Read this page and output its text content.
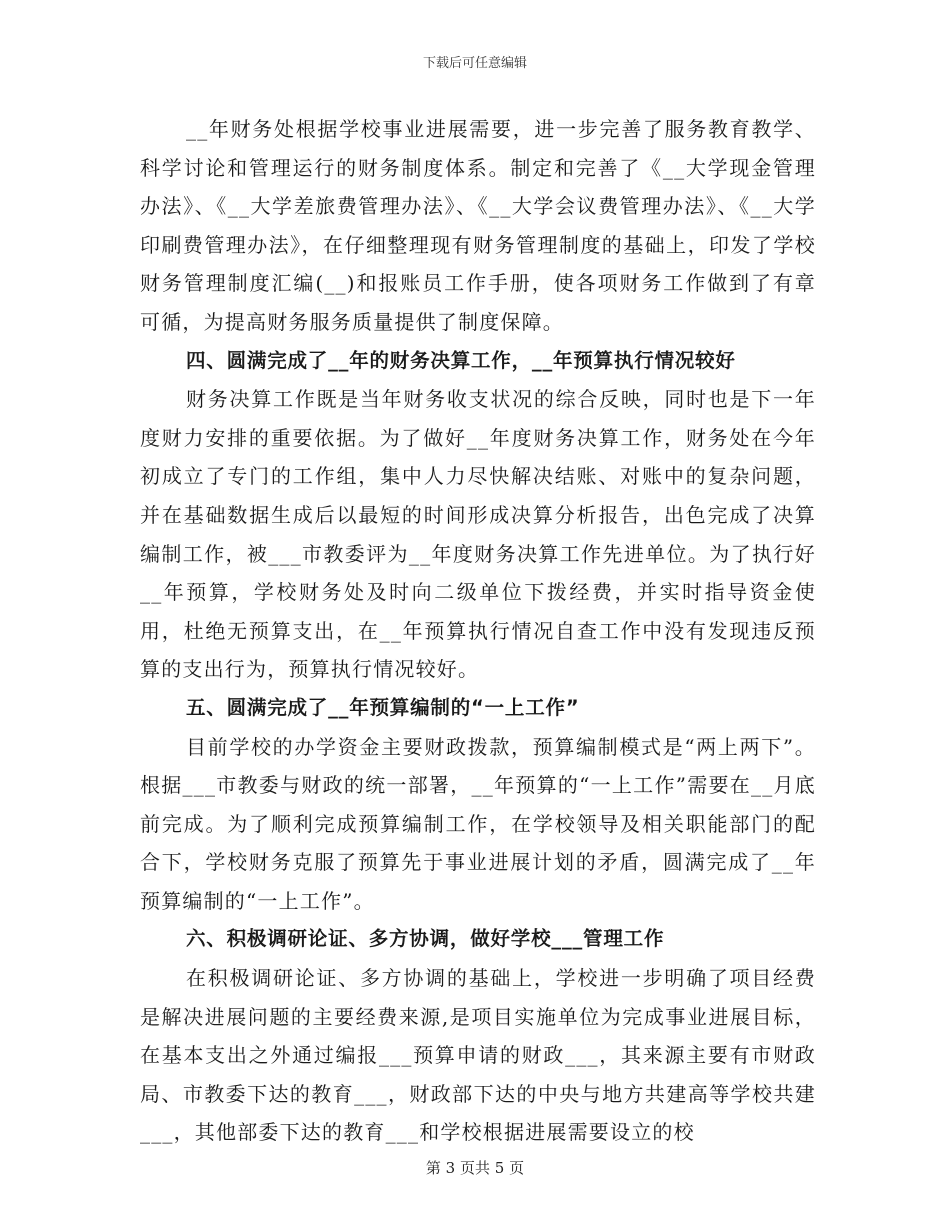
下载后可任意编辑

__年财务处根据学校事业进展需要，进一步完善了服务教育教学、科学讨论和管理运行的财务制度体系。制定和完善了《__大学现金管理办法》、《__大学差旅费管理办法》、《__大学会议费管理办法》、《__大学印刷费管理办法》，在仔细整理现有财务管理制度的基础上，印发了学校财务管理制度汇编(__)和报账员工作手册，使各项财务工作做到了有章可循，为提高财务服务质量提供了制度保障。

四、圆满完成了__年的财务决算工作，__年预算执行情况较好

财务决算工作既是当年财务收支状况的综合反映，同时也是下一年度财力安排的重要依据。为了做好__年度财务决算工作，财务处在今年初成立了专门的工作组，集中人力尽快解决结账、对账中的复杂问题，并在基础数据生成后以最短的时间形成决算分析报告，出色完成了决算编制工作，被___市教委评为__年度财务决算工作先进单位。为了执行好__年预算，学校财务处及时向二级单位下拨经费，并实时指导资金使用，杜绝无预算支出，在__年预算执行情况自查工作中没有发现违反预算的支出行为，预算执行情况较好。

五、圆满完成了__年预算编制的“一上工作”

目前学校的办学资金主要财政拨款，预算编制模式是“两上两下”。根据___市教委与财政的统一部署，__年预算的“一上工作”需要在__月底前完成。为了顺利完成预算编制工作，在学校领导及相关职能部门的配合下，学校财务克服了预算先于事业进展计划的矛盾，圆满完成了__年预算编制的“一上工作”。

六、积极调研论证、多方协调，做好学校___管理工作

在积极调研论证、多方协调的基础上，学校进一步明确了项目经费是解决进展问题的主要经费来源,是项目实施单位为完成事业进展目标，在基本支出之外通过编报___预算申请的财政___，其来源主要有市财政局、市教委下达的教育___，财政部下达的中央与地方共建高等学校共建___，其他部委下达的教育___和学校根据进展需要设立的校

第 3 页共 5 页
